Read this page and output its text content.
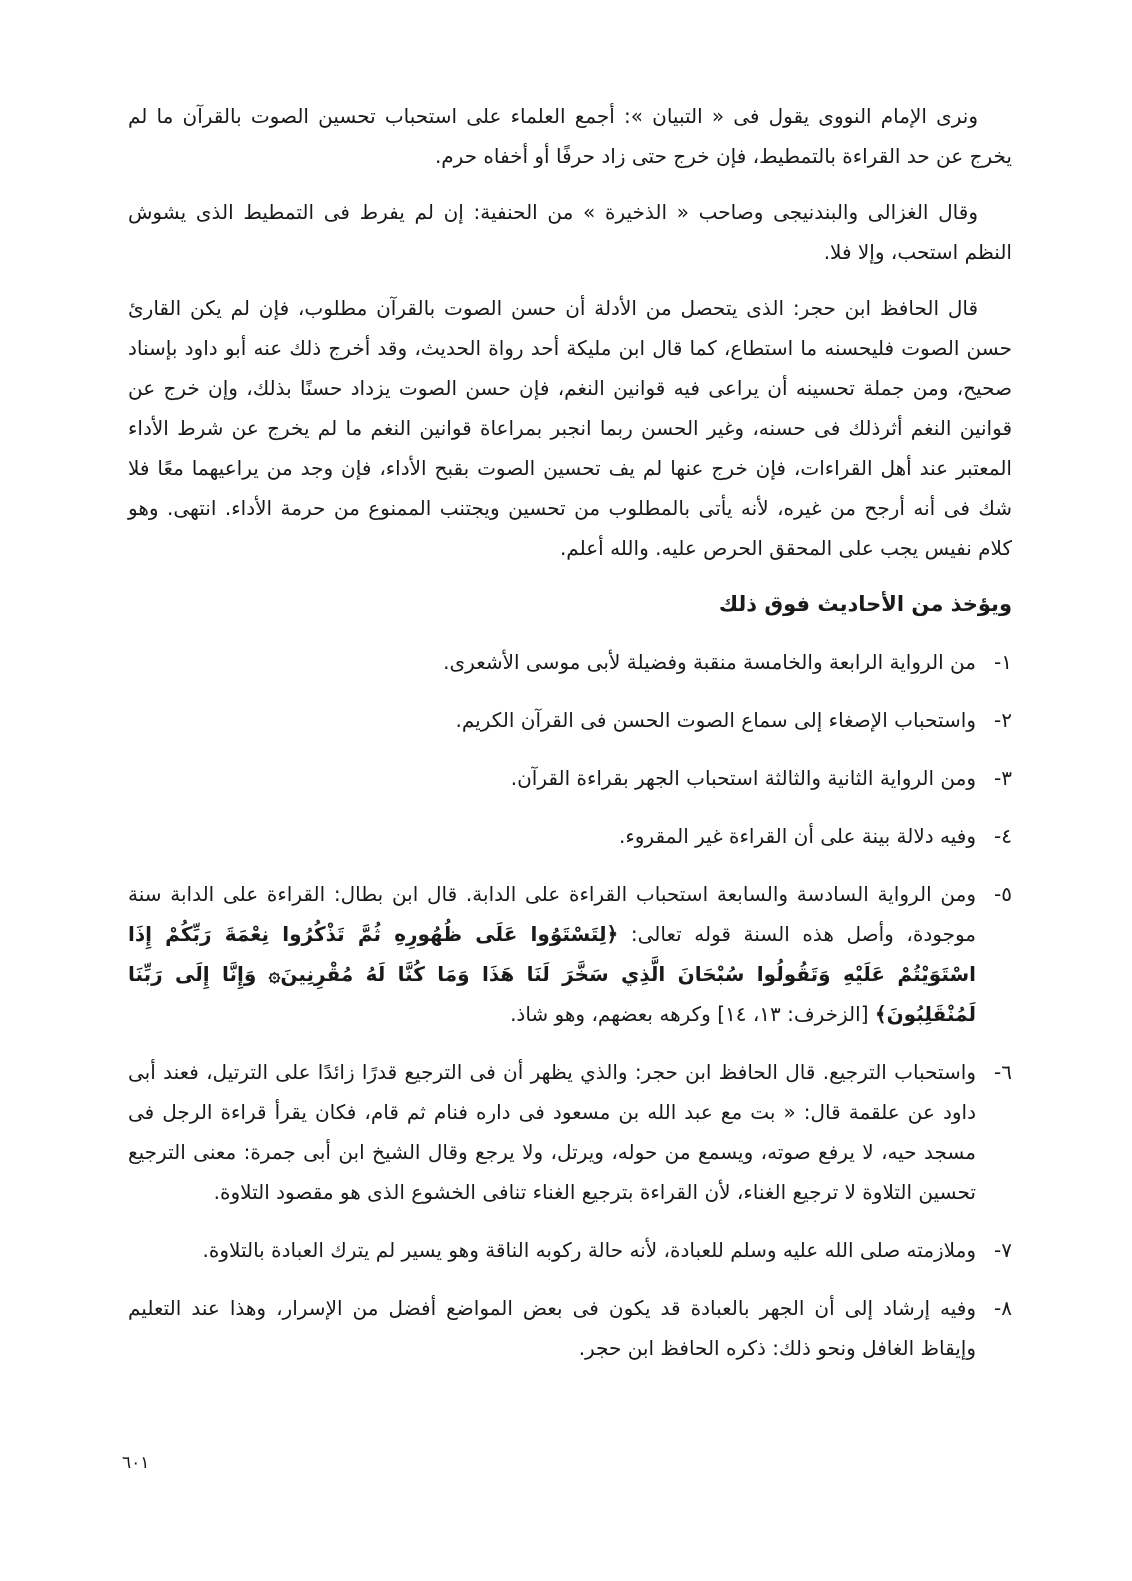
ونرى الإمام النووى يقول فى « التبيان »: أجمع العلماء على استحباب تحسين الصوت بالقرآن ما لم يخرج عن حد القراءة بالتمطيط، فإن خرج حتى زاد حرفًا أو أخفاه حرم.

وقال الغزالى والبندنيجى وصاحب « الذخيرة » من الحنفية: إن لم يفرط فى التمطيط الذى يشوش النظم استحب، وإلا فلا.

قال الحافظ ابن حجر: الذى يتحصل من الأدلة أن حسن الصوت بالقرآن مطلوب، فإن لم يكن القارئ حسن الصوت فليحسنه ما استطاع، كما قال ابن مليكة أحد رواة الحديث، وقد أخرج ذلك عنه أبو داود بإسناد صحيح، ومن جملة تحسينه أن يراعى فيه قوانين النغم، فإن حسن الصوت يزداد حسنًا بذلك، وإن خرج عن قوانين النغم أثرذلك فى حسنه، وغير الحسن ربما انجبر بمراعاة قوانين النغم ما لم يخرج عن شرط الأداء المعتبر عند أهل القراءات، فإن خرج عنها لم يف تحسين الصوت بقبح الأداء، فإن وجد من يراعيهما معًا فلا شك فى أنه أرجح من غيره، لأنه يأتى بالمطلوب من تحسين ويجتنب الممنوع من حرمة الأداء. انتهى. وهو كلام نفيس يجب على المحقق الحرص عليه. والله أعلم.

ويؤخذ من الأحاديث فوق ذلك
١-
من الرواية الرابعة والخامسة منقبة وفضيلة لأبى موسى الأشعرى.
٢-
واستحباب الإصغاء إلى سماع الصوت الحسن فى القرآن الكريم.
٣-
ومن الرواية الثانية والثالثة استحباب الجهر بقراءة القرآن.
٤-
وفيه دلالة بينة على أن القراءة غير المقروء.
٥-
ومن الرواية السادسة والسابعة استحباب القراءة على الدابة. قال ابن بطال: القراءة على الدابة سنة موجودة، وأصل هذه السنة قوله تعالى: ﴿لِتَسْتَوُوا عَلَى ظُهُورِهِ ثُمَّ تَذْكُرُوا نِعْمَةَ رَبِّكُمْ إِذَا اسْتَوَيْتُمْ عَلَيْهِ وَتَقُولُوا سُبْحَانَ الَّذِي سَخَّرَ لَنَا هَذَا وَمَا كُنَّا لَهُ مُقْرِنِينَ۞ وَإِنَّا إِلَى رَبِّنَا لَمُنْقَلِبُونَ﴾ [الزخرف: ١٣، ١٤] وكرهه بعضهم، وهو شاذ.
٦-
واستحباب الترجيع. قال الحافظ ابن حجر: والذي يظهر أن فى الترجيع قدرًا زائدًا على الترتيل، فعند أبى داود عن علقمة قال: « بت مع عبد الله بن مسعود فى داره فنام ثم قام، فكان يقرأ قراءة الرجل فى مسجد حيه، لا يرفع صوته، ويسمع من حوله، ويرتل، ولا يرجع وقال الشيخ ابن أبى جمرة: معنى الترجيع تحسين التلاوة لا ترجيع الغناء، لأن القراءة بترجيع الغناء تنافى الخشوع الذى هو مقصود التلاوة.
٧-
وملازمته صلى الله عليه وسلم للعبادة، لأنه حالة ركوبه الناقة وهو يسير لم يترك العبادة بالتلاوة.
٨-
وفيه إرشاد إلى أن الجهر بالعبادة قد يكون فى بعض المواضع أفضل من الإسرار، وهذا عند التعليم وإيقاظ الغافل ونحو ذلك: ذكره الحافظ ابن حجر.
٦٠١
